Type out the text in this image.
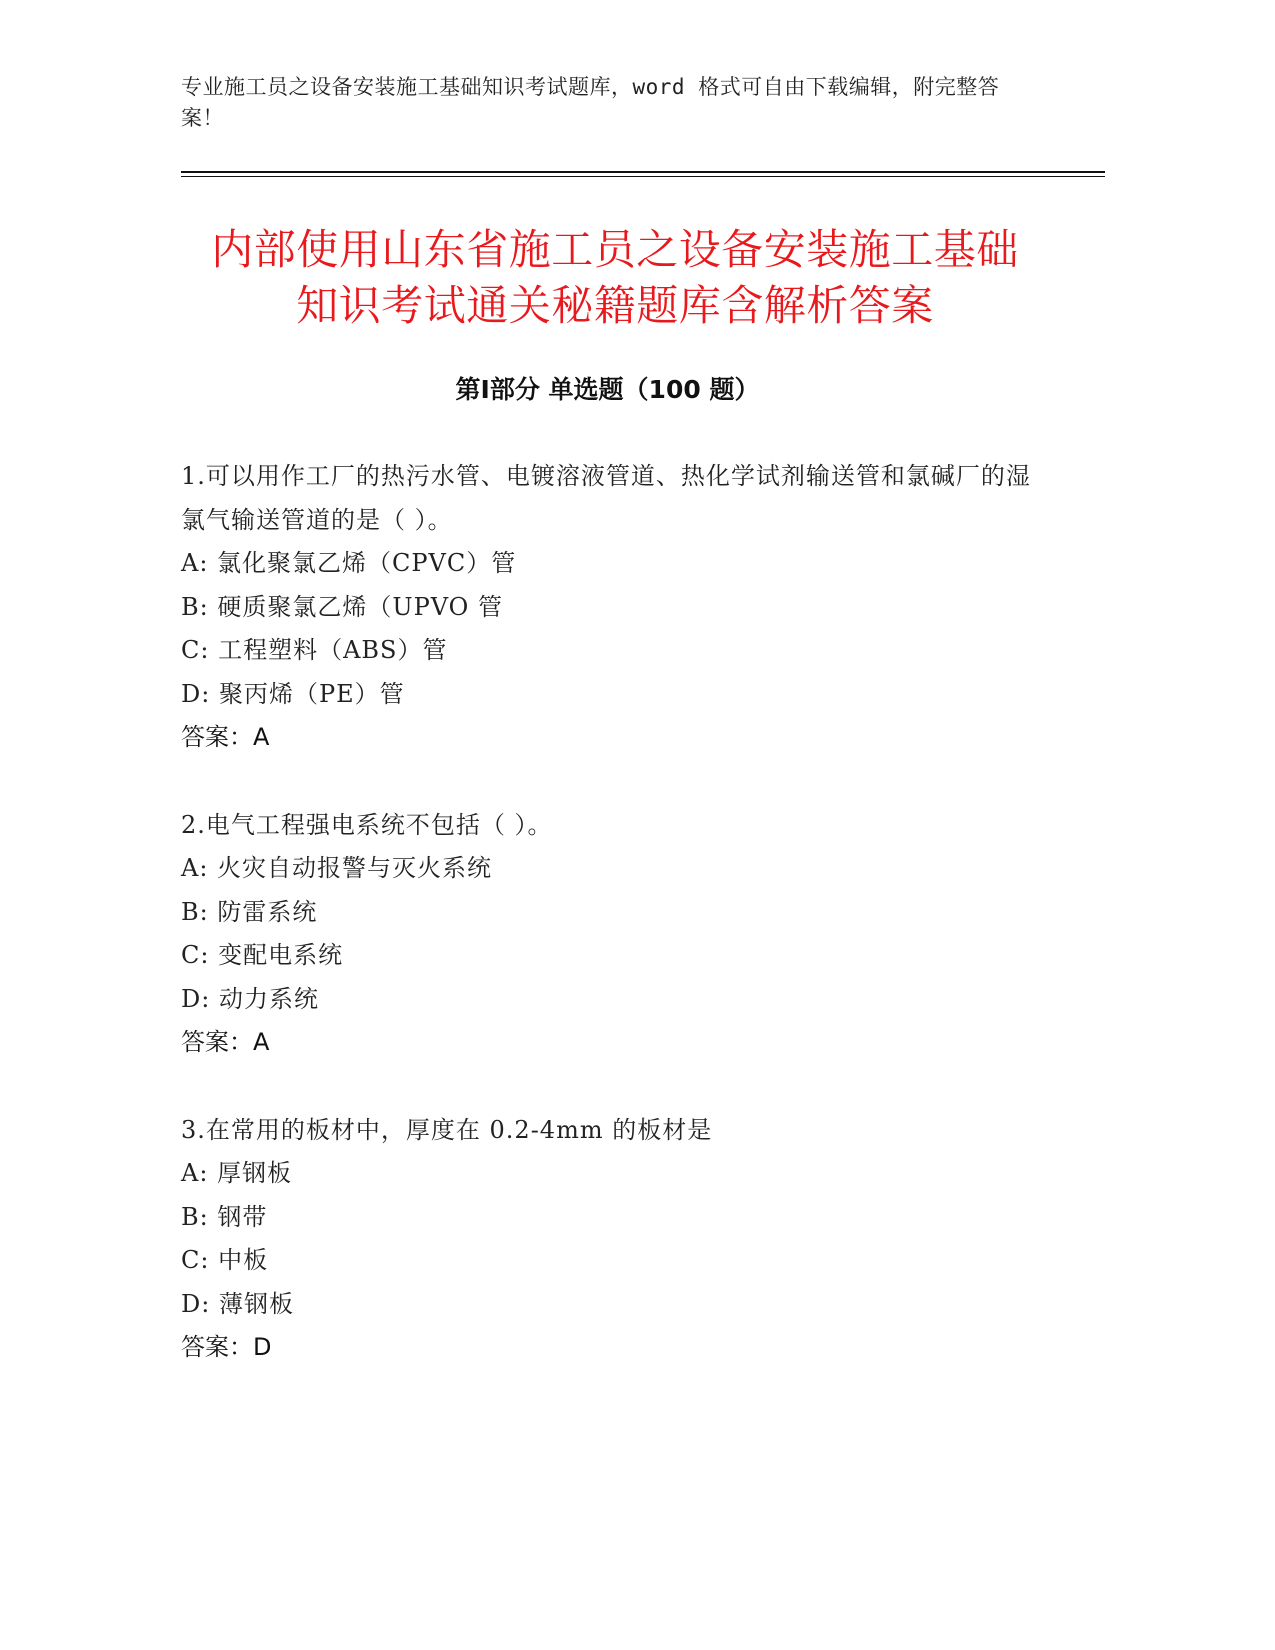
专业施工员之设备安装施工基础知识考试题库，word 格式可自由下载编辑，附完整答案！
内部使用山东省施工员之设备安装施工基础
知识考试通关秘籍题库含解析答案
第Ⅰ部分 单选题（100 题）
1.可以用作工厂的热污水管、电镀溶液管道、热化学试剂输送管和氯碱厂的湿氯气输送管道的是（ ）。
A: 氯化聚氯乙烯（CPVC）管
B: 硬质聚氯乙烯（UPVO 管
C: 工程塑料（ABS）管
D: 聚丙烯（PE）管
答案：A
2.电气工程强电系统不包括（ ）。
A: 火灾自动报警与灭火系统
B: 防雷系统
C: 变配电系统
D: 动力系统
答案：A
3.在常用的板材中，厚度在 0.2-4mm 的板材是
A: 厚钢板
B: 钢带
C: 中板
D: 薄钢板
答案：D
